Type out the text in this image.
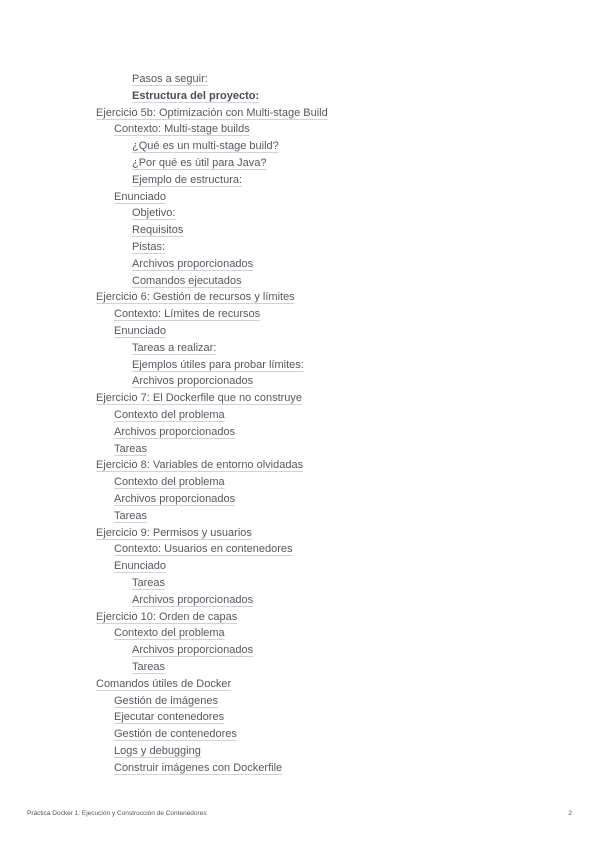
Pasos a seguir:
Estructura del proyecto:
Ejercicio 5b: Optimización con Multi-stage Build
Contexto: Multi-stage builds
¿Qué es un multi-stage build?
¿Por qué es útil para Java?
Ejemplo de estructura:
Enunciado
Objetivo:
Requisitos
Pistas:
Archivos proporcionados
Comandos ejecutados
Ejercicio 6: Gestión de recursos y límites
Contexto: Límites de recursos
Enunciado
Tareas a realizar:
Ejemplos útiles para probar límites:
Archivos proporcionados
Ejercicio 7: El Dockerfile que no construye
Contexto del problema
Archivos proporcionados
Tareas
Ejercicio 8: Variables de entorno olvidadas
Contexto del problema
Archivos proporcionados
Tareas
Ejercicio 9: Permisos y usuarios
Contexto: Usuarios en contenedores
Enunciado
Tareas
Archivos proporcionados
Ejercicio 10: Orden de capas
Contexto del problema
Archivos proporcionados
Tareas
Comandos útiles de Docker
Gestión de imágenes
Ejecutar contenedores
Gestión de contenedores
Logs y debugging
Construir imágenes con Dockerfile
Práctica Docker 1: Ejecución y Construcción de Contenedores	2
